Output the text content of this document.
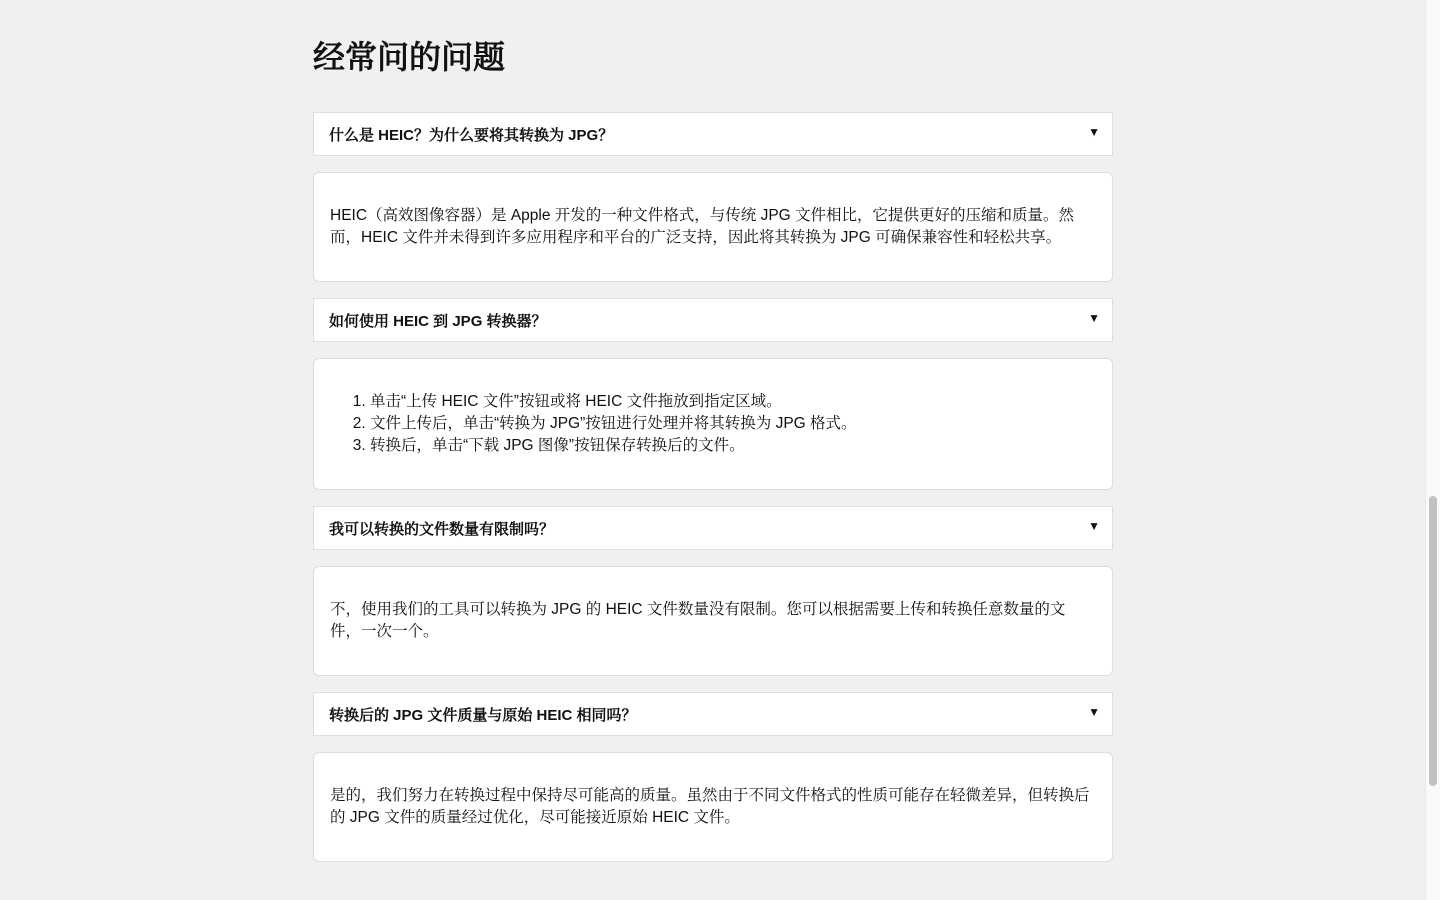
经常问的问题
什么是 HEIC？为什么要将其转换为 JPG？	▼

HEIC（高效图像容器）是 Apple 开发的一种文件格式，与传统 JPG 文件相比，它提供更好的压缩和质量。然而，HEIC 文件并未得到许多应用程序和平台的广泛支持，因此将其转换为 JPG 可确保兼容性和轻松共享。

如何使用 HEIC 到 JPG 转换器？	▼
1. 单击“上传 HEIC 文件”按钮或将 HEIC 文件拖放到指定区域。
2. 文件上传后，单击“转换为 JPG”按钮进行处理并将其转换为 JPG 格式。
3. 转换后，单击“下载 JPG 图像”按钮保存转换后的文件。
我可以转换的文件数量有限制吗？	▼

不，使用我们的工具可以转换为 JPG 的 HEIC 文件数量没有限制。您可以根据需要上传和转换任意数量的文件，一次一个。

转换后的 JPG 文件质量与原始 HEIC 相同吗？	▼

是的，我们努力在转换过程中保持尽可能高的质量。虽然由于不同文件格式的性质可能存在轻微差异，但转换后的 JPG 文件的质量经过优化，尽可能接近原始 HEIC 文件。
